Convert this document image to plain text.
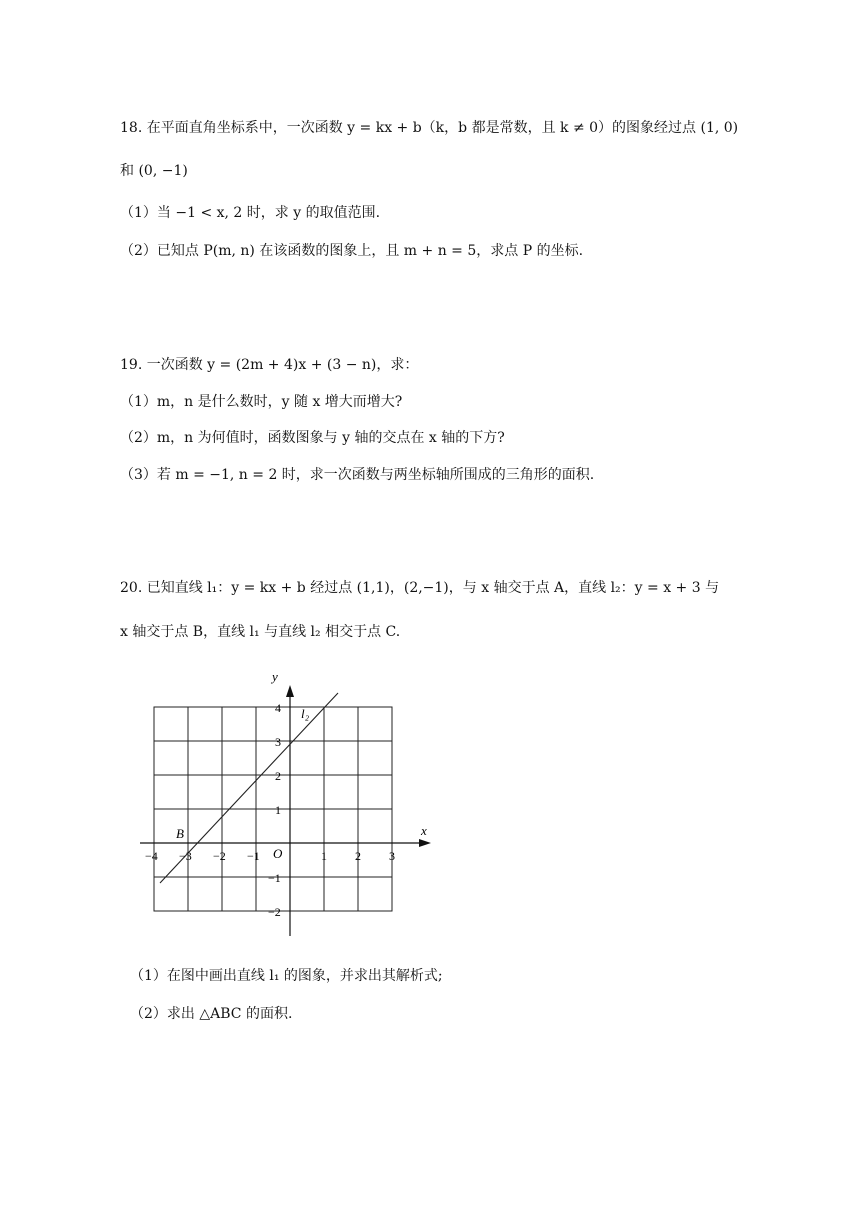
18. 在平面直角坐标系中，一次函数 y = kx + b（k，b 都是常数，且 k ≠ 0）的图象经过点 (1, 0)
和 (0, −1)
（1）当 −1 < x, 2 时，求 y 的取值范围.
（2）已知点 P(m, n) 在该函数的图象上，且 m + n = 5，求点 P 的坐标.
19. 一次函数 y = (2m + 4)x + (3 − n)，求：
（1）m，n 是什么数时，y 随 x 增大而增大?
（2）m，n 为何值时，函数图象与 y 轴的交点在 x 轴的下方?
（3）若 m = −1, n = 2 时，求一次函数与两坐标轴所围成的三角形的面积.
20. 已知直线 l₁：y = kx + b 经过点 (1,1)，(2,−1)，与 x 轴交于点 A，直线 l₂：y = x + 3 与
x 轴交于点 B，直线 l₁ 与直线 l₂ 相交于点 C.
y
x
O
l₂
B
−4 −3 −2 −1	1 2 3
4
3
2
1
−1
−2
（1）在图中画出直线 l₁ 的图象，并求出其解析式;
（2）求出 △ABC 的面积.
